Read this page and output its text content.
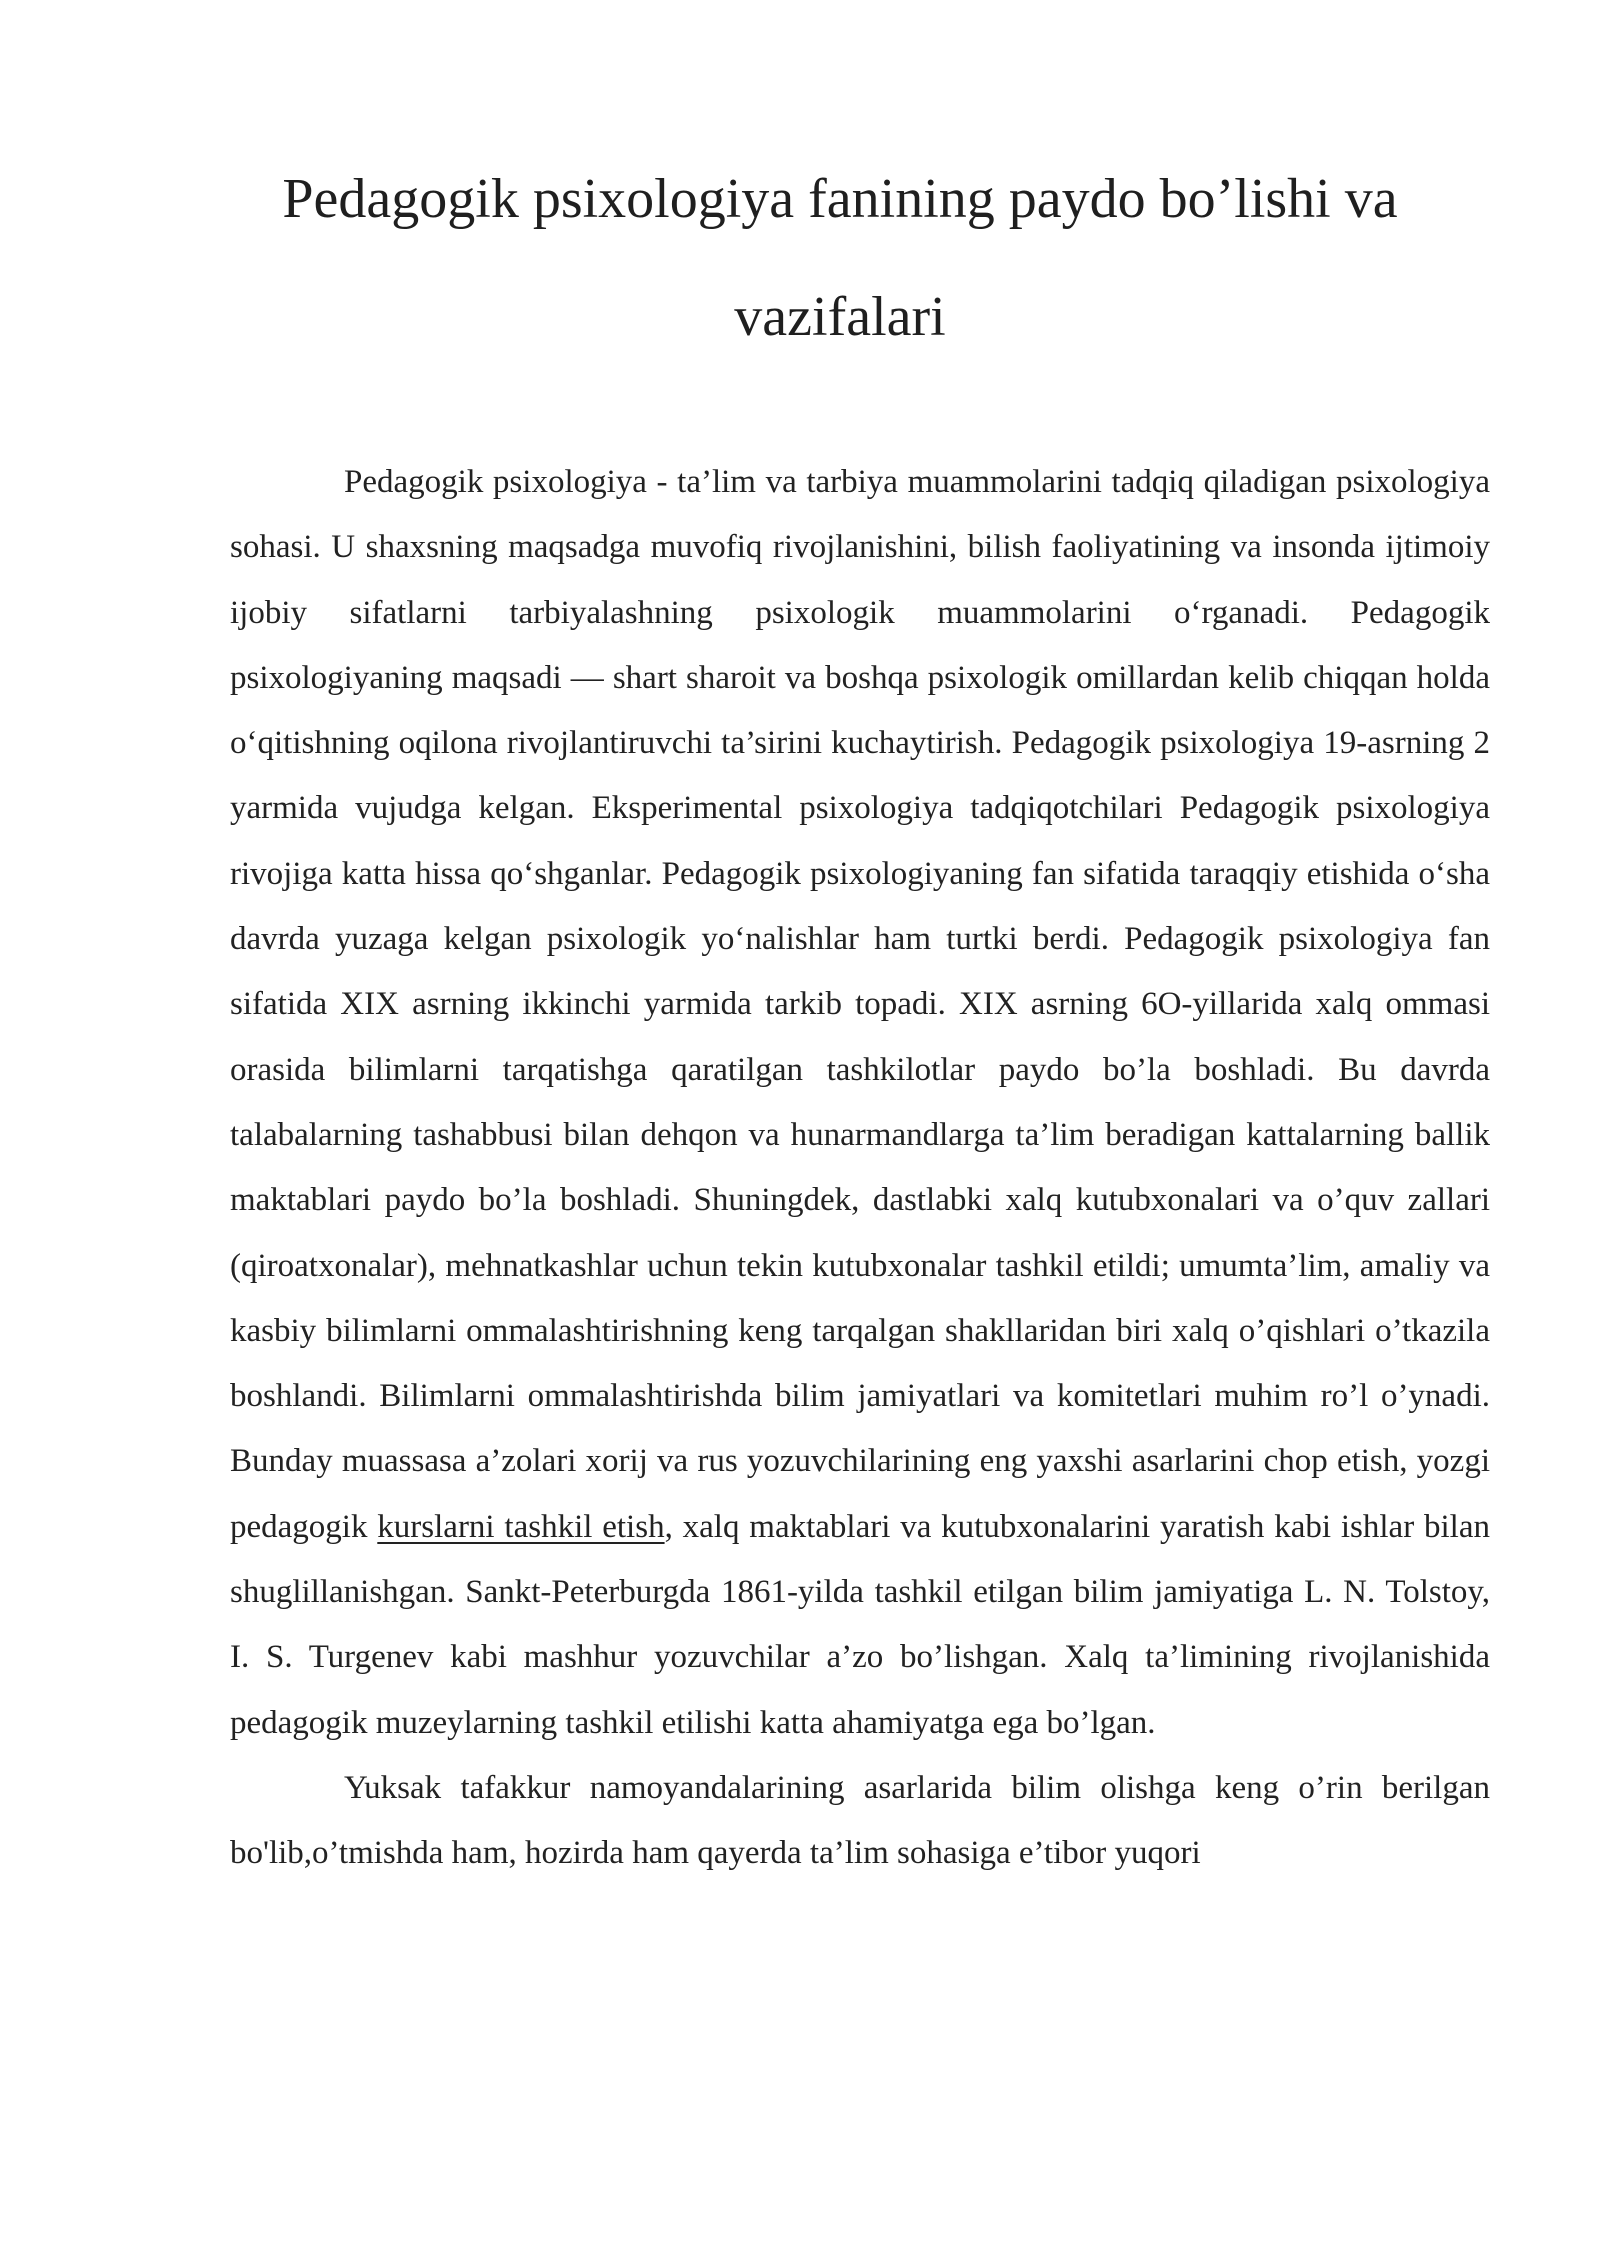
Pedagogik psixologiya fanining paydo bo’lishi va
vazifalari

Pedagogik psixologiya - ta’lim va tarbiya muammolarini tadqiq qiladigan psixologiya sohasi. U shaxsning maqsadga muvofiq rivojlanishini, bilish faoliyatining va insonda ijtimoiy ijobiy sifatlarni tarbiyalashning psixologik muammolarini o‘rganadi. Pedagogik psixologiyaning maqsadi — shart sharoit va boshqa psixologik omillardan kelib chiqqan holda o‘qitishning oqilona rivojlantiruvchi ta’sirini kuchaytirish. Pedagogik psixologiya 19-asrning 2 yarmida vujudga kelgan. Eksperimental psixologiya tadqiqotchilari Pedagogik psixologiya rivojiga katta hissa qo‘shganlar. Pedagogik psixologiyaning fan sifatida taraqqiy etishida o‘sha davrda yuzaga kelgan psixologik yo‘nalishlar ham turtki berdi. Pedagogik psixologiya fan sifatida XIX asrning ikkinchi yarmida tarkib topadi. XIX asrning 6O-yillarida xalq ommasi orasida bilimlarni tarqatishga qaratilgan tashkilotlar paydo bo’la boshladi. Bu davrda talabalarning tashabbusi bilan dehqon va hunarmandlarga ta’lim beradigan kattalarning ballik maktablari paydo bo’la boshladi. Shuningdek, dastlabki xalq kutubxonalari va o’quv zallari (qiroatxonalar), mehnatkashlar uchun tekin kutubxonalar tashkil etildi; umumta’lim, amaliy va kasbiy bilimlarni ommalashtirishning keng tarqalgan shakllaridan biri xalq o’qishlari o’tkazila boshlandi. Bilimlarni ommalashtirishda bilim jamiyatlari va komitetlari muhim ro’l o’ynadi. Bunday muassasa a’zolari xorij va rus yozuvchilarining eng yaxshi asarlarini chop etish, yozgi pedagogik kurslarni tashkil etish, xalq maktablari va kutubxonalarini yaratish kabi ishlar bilan shuglillanishgan. Sankt-Peterburgda 1861-yilda tashkil etilgan bilim jamiyatiga L. N. Tolstoy, I. S. Turgenev kabi mashhur yozuvchilar a’zo bo’lishgan. Xalq ta’limining rivojlanishida pedagogik muzeylarning tashkil etilishi katta ahamiyatga ega bo’lgan.

Yuksak tafakkur namoyandalarining asarlarida bilim olishga keng o’rin berilgan bo'lib,o’tmishda ham, hozirda ham qayerda ta’lim sohasiga e’tibor yuqori
